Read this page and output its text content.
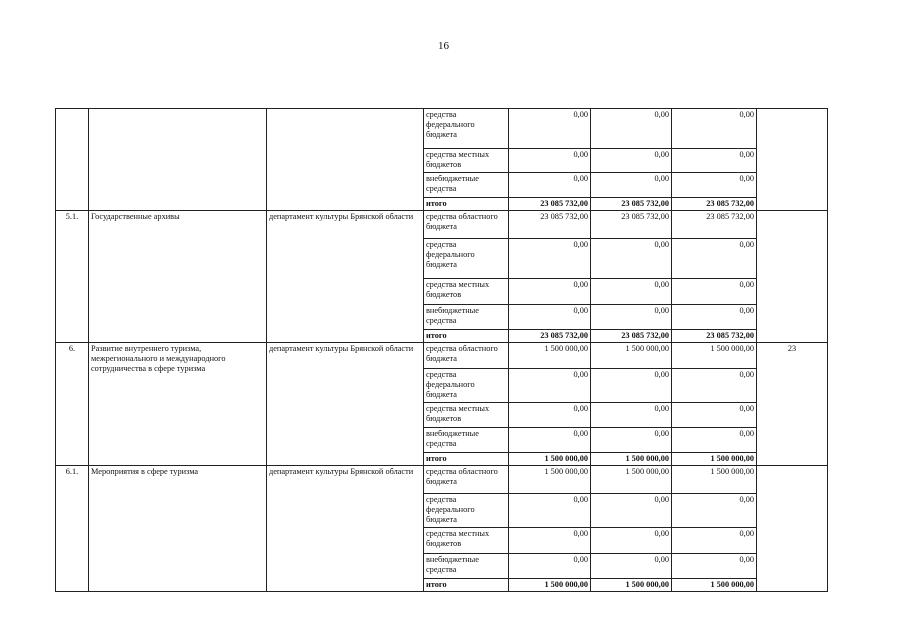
16
			средства федерального бюджета	0,00	0,00	0,00	
			средства местных бюджетов	0,00	0,00	0,00	
			внебюджетные средства	0,00	0,00	0,00	
			итого	23 085 732,00	23 085 732,00	23 085 732,00	
5.1.	Государственные архивы	департамент культуры Брянской области	средства областного бюджета	23 085 732,00	23 085 732,00	23 085 732,00	
			средства федерального бюджета	0,00	0,00	0,00	
			средства местных бюджетов	0,00	0,00	0,00	
			внебюджетные средства	0,00	0,00	0,00	
			итого	23 085 732,00	23 085 732,00	23 085 732,00	
6.	Развитие внутреннего туризма, межрегионального и международного сотрудничества в сфере туризма	департамент культуры Брянской области	средства областного бюджета	1 500 000,00	1 500 000,00	1 500 000,00	23
			средства федерального бюджета	0,00	0,00	0,00	
			средства местных бюджетов	0,00	0,00	0,00	
			внебюджетные средства	0,00	0,00	0,00	
			итого	1 500 000,00	1 500 000,00	1 500 000,00	
6.1.	Мероприятия в сфере туризма	департамент культуры Брянской области	средства областного бюджета	1 500 000,00	1 500 000,00	1 500 000,00	
			средства федерального бюджета	0,00	0,00	0,00	
			средства местных бюджетов	0,00	0,00	0,00	
			внебюджетные средства	0,00	0,00	0,00	
			итого	1 500 000,00	1 500 000,00	1 500 000,00	
